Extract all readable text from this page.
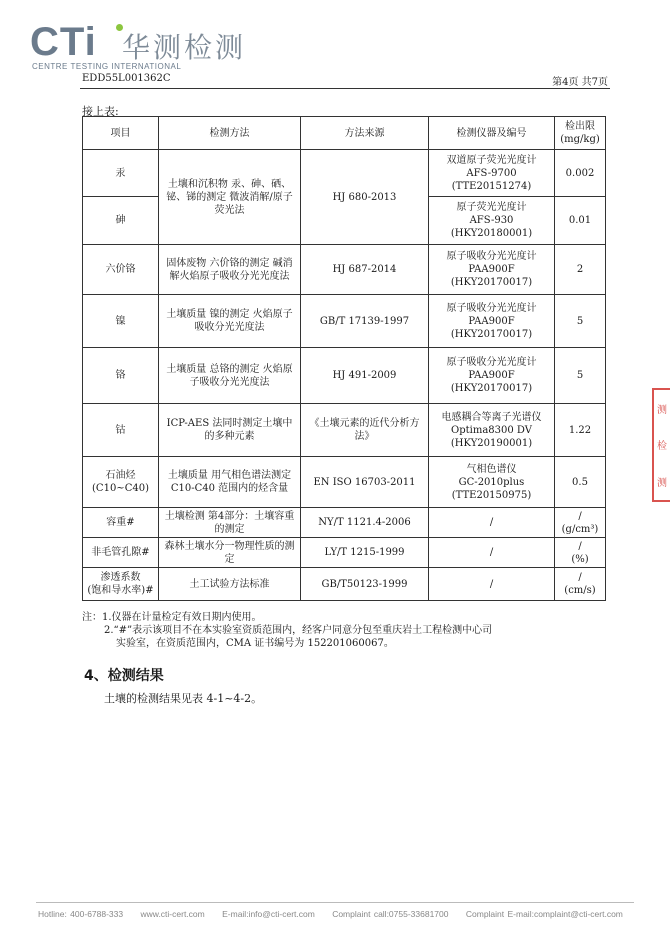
CTi 华测检测
CENTRE TESTING INTERNATIONAL
EDD55L001362C	第4页 共7页
接上表:
项目	检测方法	方法来源	检测仪器及编号	检出限
(mg/kg)
汞	土壤和沉积物 汞、砷、硒、铋、锑的测定 微波消解/原子荧光法	HJ 680-2013	双道原子荧光光度计
AFS-9700
(TTE20151274)	0.002
砷			原子荧光光度计
AFS-930
(HKY20180001)	0.01
六价铬	固体废物 六价铬的测定 碱消解火焰原子吸收分光光度法	HJ 687-2014	原子吸收分光光度计
PAA900F
(HKY20170017)	2
镍	土壤质量 镍的测定 火焰原子吸收分光光度法	GB/T 17139-1997	原子吸收分光光度计
PAA900F
(HKY20170017)	5
铬	土壤质量 总铬的测定 火焰原子吸收分光光度法	HJ 491-2009	原子吸收分光光度计
PAA900F
(HKY20170017)	5
钴	ICP-AES 法同时测定土壤中的多种元素	《土壤元素的近代分析方法》	电感耦合等离子光谱仪
Optima8300 DV
(HKY20190001)	1.22
石油烃
(C10~C40)	土壤质量 用气相色谱法测定 C10-C40 范围内的烃含量	EN ISO 16703-2011	气相色谱仪
GC-2010plus
(TTE20150975)	0.5
容重#	土壤检测 第4部分：土壤容重的测定	NY/T 1121.4-2006	/	/
(g/cm³)
非毛管孔隙#	森林土壤水分一物理性质的测定	LY/T 1215-1999	/	/
(%)
渗透系数
(饱和导水率)#	土工试验方法标准	GB/T50123-1999	/	/
(cm/s)
注：1.仪器在计量检定有效日期内使用。
2.“#”表示该项目不在本实验室资质范围内，经客户同意分包至重庆岩土工程检测中心司
实验室，在资质范围内，CMA 证书编号为 152201060067。
4、检测结果
土壤的检测结果见表 4-1~4-2。
测
检
测
Hotline: 400-6788-333 www.cti-cert.com E-mail:info@cti-cert.com Complaint call:0755-33681700 Complaint E-mail:complaint@cti-cert.com
